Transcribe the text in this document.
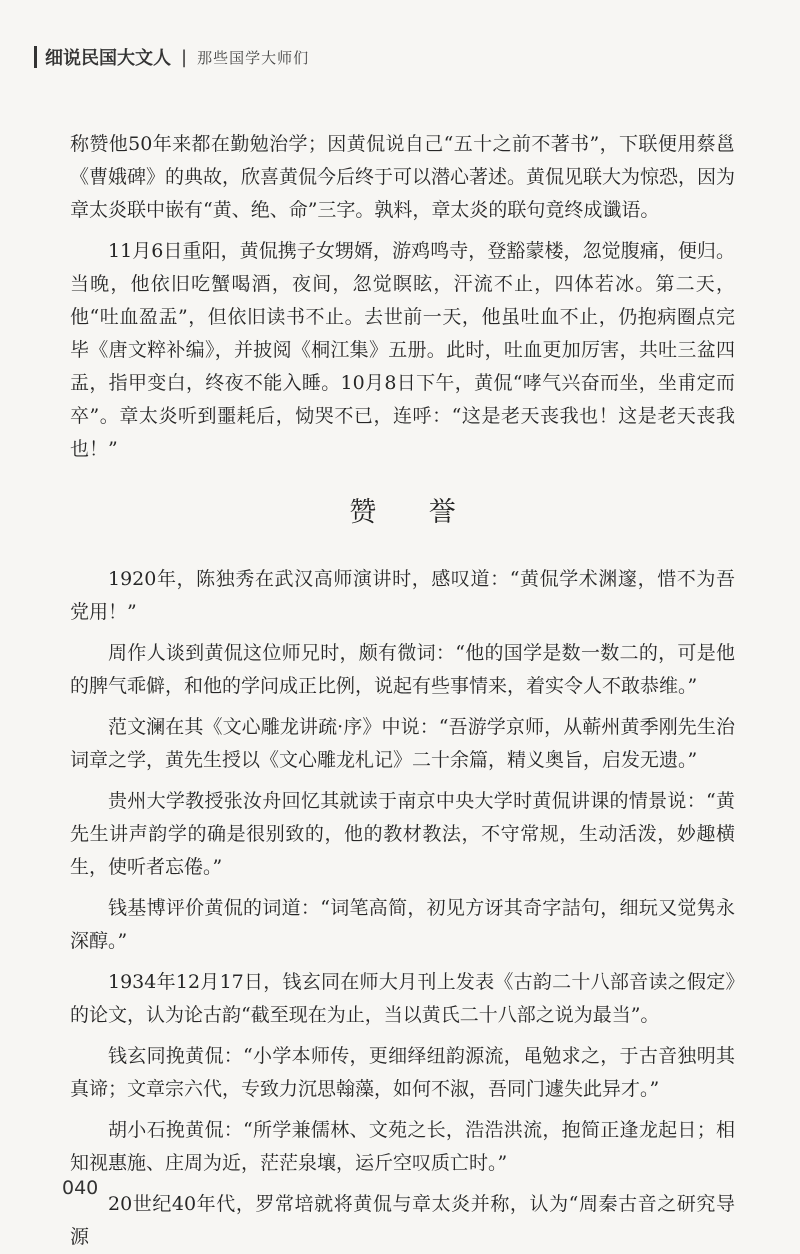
细说民国大文人 | 那些国学大师们

称赞他50年来都在勤勉治学；因黄侃说自己“五十之前不著书”，下联便用蔡邕《曹娥碑》的典故，欣喜黄侃今后终于可以潜心著述。黄侃见联大为惊恐，因为章太炎联中嵌有“黄、绝、命”三字。孰料，章太炎的联句竟终成谶语。

11月6日重阳，黄侃携子女甥婿，游鸡鸣寺，登豁蒙楼，忽觉腹痛，便归。当晚，他依旧吃蟹喝酒，夜间，忽觉瞑眩，汗流不止，四体若冰。第二天，他“吐血盈盂”，但依旧读书不止。去世前一天，他虽吐血不止，仍抱病圈点完毕《唐文粹补编》，并披阅《桐江集》五册。此时，吐血更加厉害，共吐三盆四盂，指甲变白，终夜不能入睡。10月8日下午，黄侃“哮气兴奋而坐，坐甫定而卒”。章太炎听到噩耗后，恸哭不已，连呼：“这是老天丧我也！这是老天丧我也！”

赞 誉

1920年，陈独秀在武汉高师演讲时，感叹道：“黄侃学术渊邃，惜不为吾党用！”

周作人谈到黄侃这位师兄时，颇有微词：“他的国学是数一数二的，可是他的脾气乖僻，和他的学问成正比例，说起有些事情来，着实令人不敢恭维。”

范文澜在其《文心雕龙讲疏·序》中说：“吾游学京师，从蕲州黄季刚先生治词章之学，黄先生授以《文心雕龙札记》二十余篇，精义奥旨，启发无遗。”

贵州大学教授张汝舟回忆其就读于南京中央大学时黄侃讲课的情景说：“黄先生讲声韵学的确是很别致的，他的教材教法，不守常规，生动活泼，妙趣横生，使听者忘倦。”

钱基博评价黄侃的词道：“词笔高简，初见方讶其奇字詰句，细玩又觉隽永深醇。”

1934年12月17日，钱玄同在师大月刊上发表《古韵二十八部音读之假定》的论文，认为论古韵“截至现在为止，当以黄氏二十八部之说为最当”。

钱玄同挽黄侃：“小学本师传，更细绎纽韵源流，黾勉求之，于古音独明其真谛；文章宗六代，专致力沉思翰藻，如何不淑，吾同门遽失此异才。”

胡小石挽黄侃：“所学兼儒林、文苑之长，浩浩洪流，抱简正逢龙起日；相知视惠施、庄周为近，茫茫泉壤，运斤空叹质亡时。”

20世纪40年代，罗常培就将黄侃与章太炎并称，认为“周秦古音之研究导源

040
